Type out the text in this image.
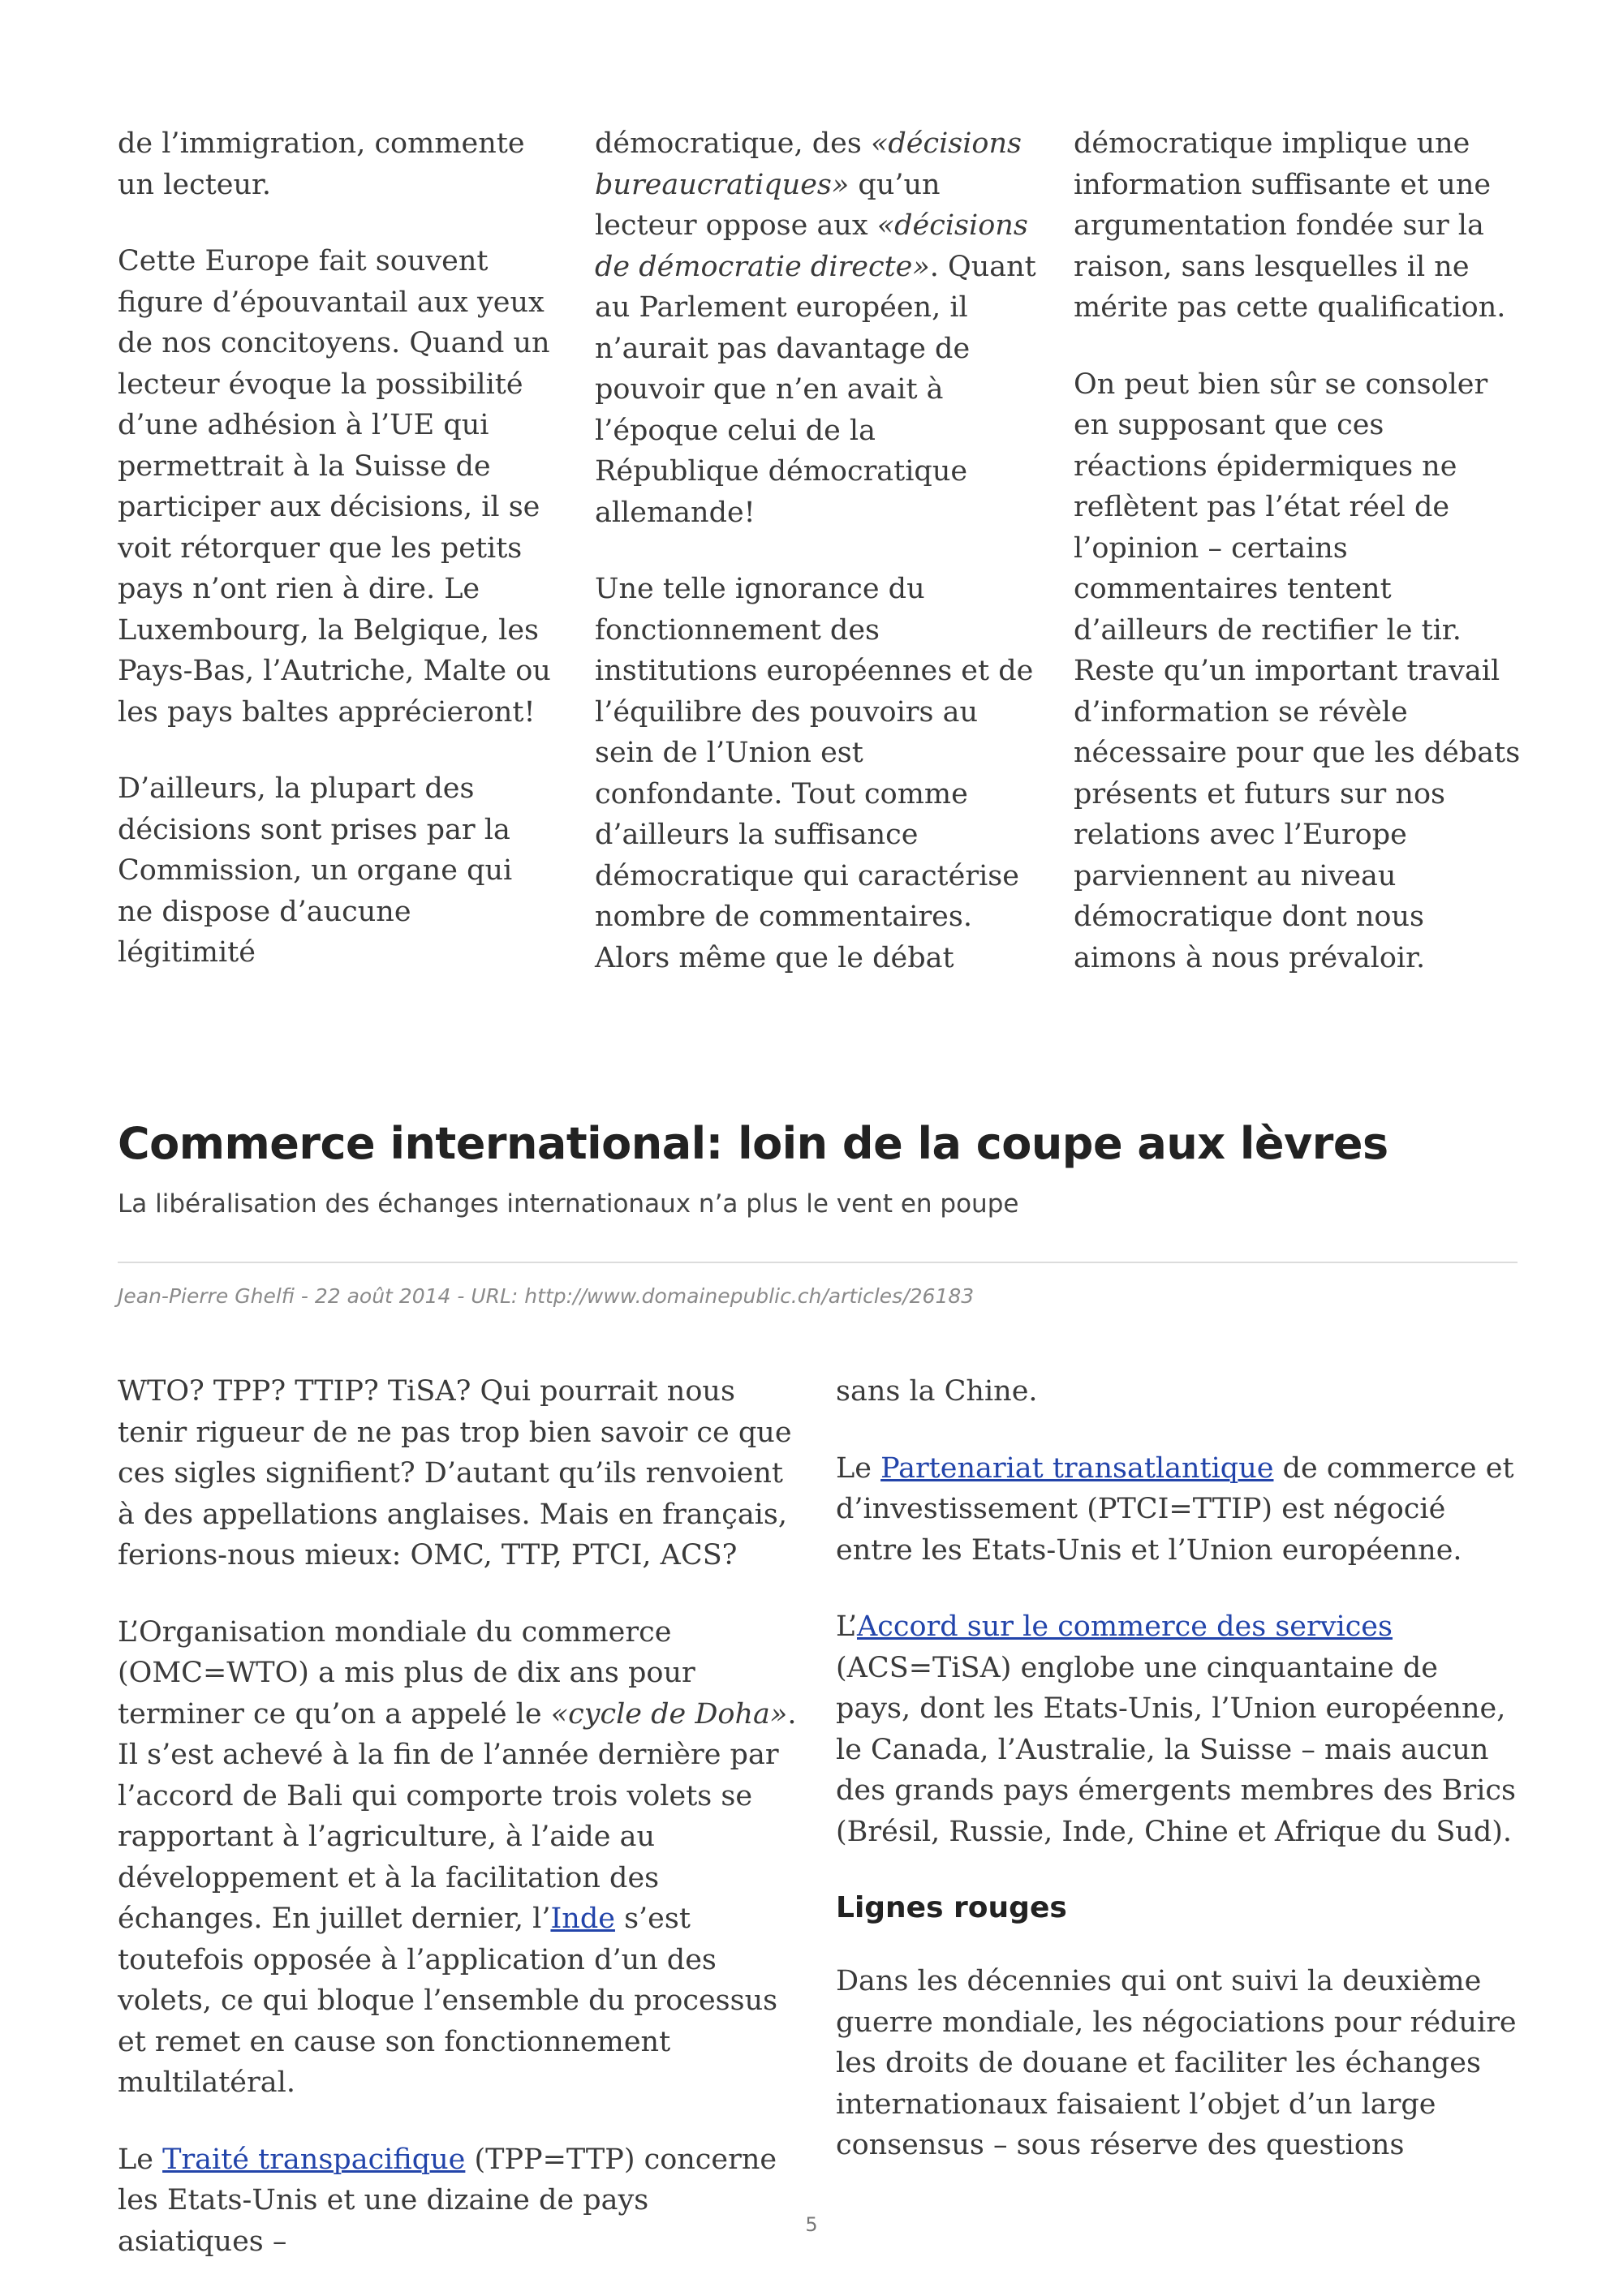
de l’immigration, commente un lecteur.

Cette Europe fait souvent figure d’épouvantail aux yeux de nos concitoyens. Quand un lecteur évoque la possibilité d’une adhésion à l’UE qui permettrait à la Suisse de participer aux décisions, il se voit rétorquer que les petits pays n’ont rien à dire. Le Luxembourg, la Belgique, les Pays-Bas, l’Autriche, Malte ou les pays baltes apprécieront!

D’ailleurs, la plupart des décisions sont prises par la Commission, un organe qui ne dispose d’aucune légitimité

démocratique, des «décisions bureaucratiques» qu’un lecteur oppose aux «décisions de démocratie directe». Quant au Parlement européen, il n’aurait pas davantage de pouvoir que n’en avait à l’époque celui de la République démocratique allemande!

Une telle ignorance du fonctionnement des institutions européennes et de l’équilibre des pouvoirs au sein de l’Union est confondante. Tout comme d’ailleurs la suffisance démocratique qui caractérise nombre de commentaires. Alors même que le débat

démocratique implique une information suffisante et une argumentation fondée sur la raison, sans lesquelles il ne mérite pas cette qualification.

On peut bien sûr se consoler en supposant que ces réactions épidermiques ne reflètent pas l’état réel de l’opinion – certains commentaires tentent d’ailleurs de rectifier le tir. Reste qu’un important travail d’information se révèle nécessaire pour que les débats présents et futurs sur nos relations avec l’Europe parviennent au niveau démocratique dont nous aimons à nous prévaloir.

Commerce international: loin de la coupe aux lèvres

La libéralisation des échanges internationaux n’a plus le vent en poupe

Jean-Pierre Ghelfi - 22 août 2014 - URL: http://www.domainepublic.ch/articles/26183

WTO? TPP? TTIP? TiSA? Qui pourrait nous tenir rigueur de ne pas trop bien savoir ce que ces sigles signifient? D’autant qu’ils renvoient à des appellations anglaises. Mais en français, ferions-nous mieux: OMC, TTP, PTCI, ACS?

L’Organisation mondiale du commerce (OMC=WTO) a mis plus de dix ans pour terminer ce qu’on a appelé le «cycle de Doha». Il s’est achevé à la fin de l’année dernière par l’accord de Bali qui comporte trois volets se rapportant à l’agriculture, à l’aide au développement et à la facilitation des échanges. En juillet dernier, l’Inde s’est toutefois opposée à l’application d’un des volets, ce qui bloque l’ensemble du processus et remet en cause son fonctionnement multilatéral.

Le Traité transpacifique (TPP=TTP) concerne les Etats-Unis et une dizaine de pays asiatiques –

sans la Chine.

Le Partenariat transatlantique de commerce et d’investissement (PTCI=TTIP) est négocié entre les Etats-Unis et l’Union européenne.

L’Accord sur le commerce des services (ACS=TiSA) englobe une cinquantaine de pays, dont les Etats-Unis, l’Union européenne, le Canada, l’Australie, la Suisse – mais aucun des grands pays émergents membres des Brics (Brésil, Russie, Inde, Chine et Afrique du Sud).

Lignes rouges

Dans les décennies qui ont suivi la deuxième guerre mondiale, les négociations pour réduire les droits de douane et faciliter les échanges internationaux faisaient l’objet d’un large consensus – sous réserve des questions

5
